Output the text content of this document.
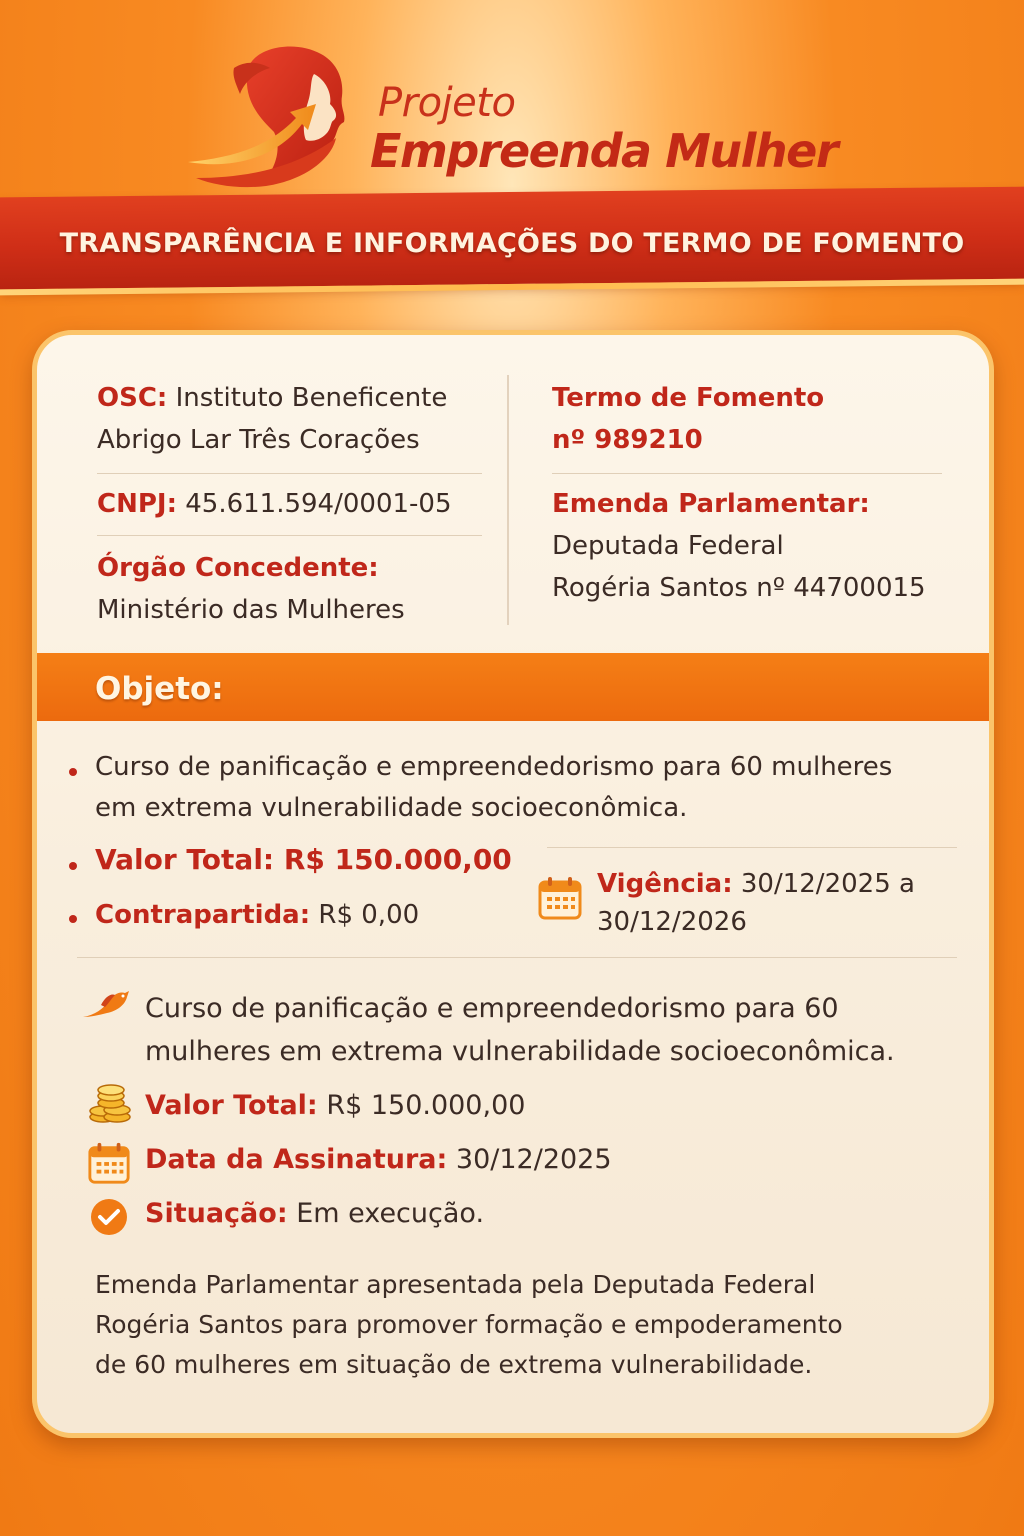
Projeto
Empreenda Mulher
TRANSPARÊNCIA E INFORMAÇÕES DO TERMO DE FOMENTO
OSC: Instituto Beneficente
Abrigo Lar Três Corações
CNPJ: 45.611.594/0001-05
Órgão Concedente:
Ministério das Mulheres
Termo de Fomento
nº 989210
Emenda Parlamentar:
Deputada Federal
Rogéria Santos nº 44700015
Objeto:
Curso de panificação e empreendedorismo para 60 mulheres
em extrema vulnerabilidade socioeconômica.
Valor Total: R$ 150.000,00
Contrapartida: R$ 0,00
Vigência: 30/12/2025 a
30/12/2026
Curso de panificação e empreendedorismo para 60
mulheres em extrema vulnerabilidade socioeconômica.
Valor Total: R$ 150.000,00
Data da Assinatura: 30/12/2025
Situação: Em execução.
Emenda Parlamentar apresentada pela Deputada Federal
Rogéria Santos para promover formação e empoderamento
de 60 mulheres em situação de extrema vulnerabilidade.
